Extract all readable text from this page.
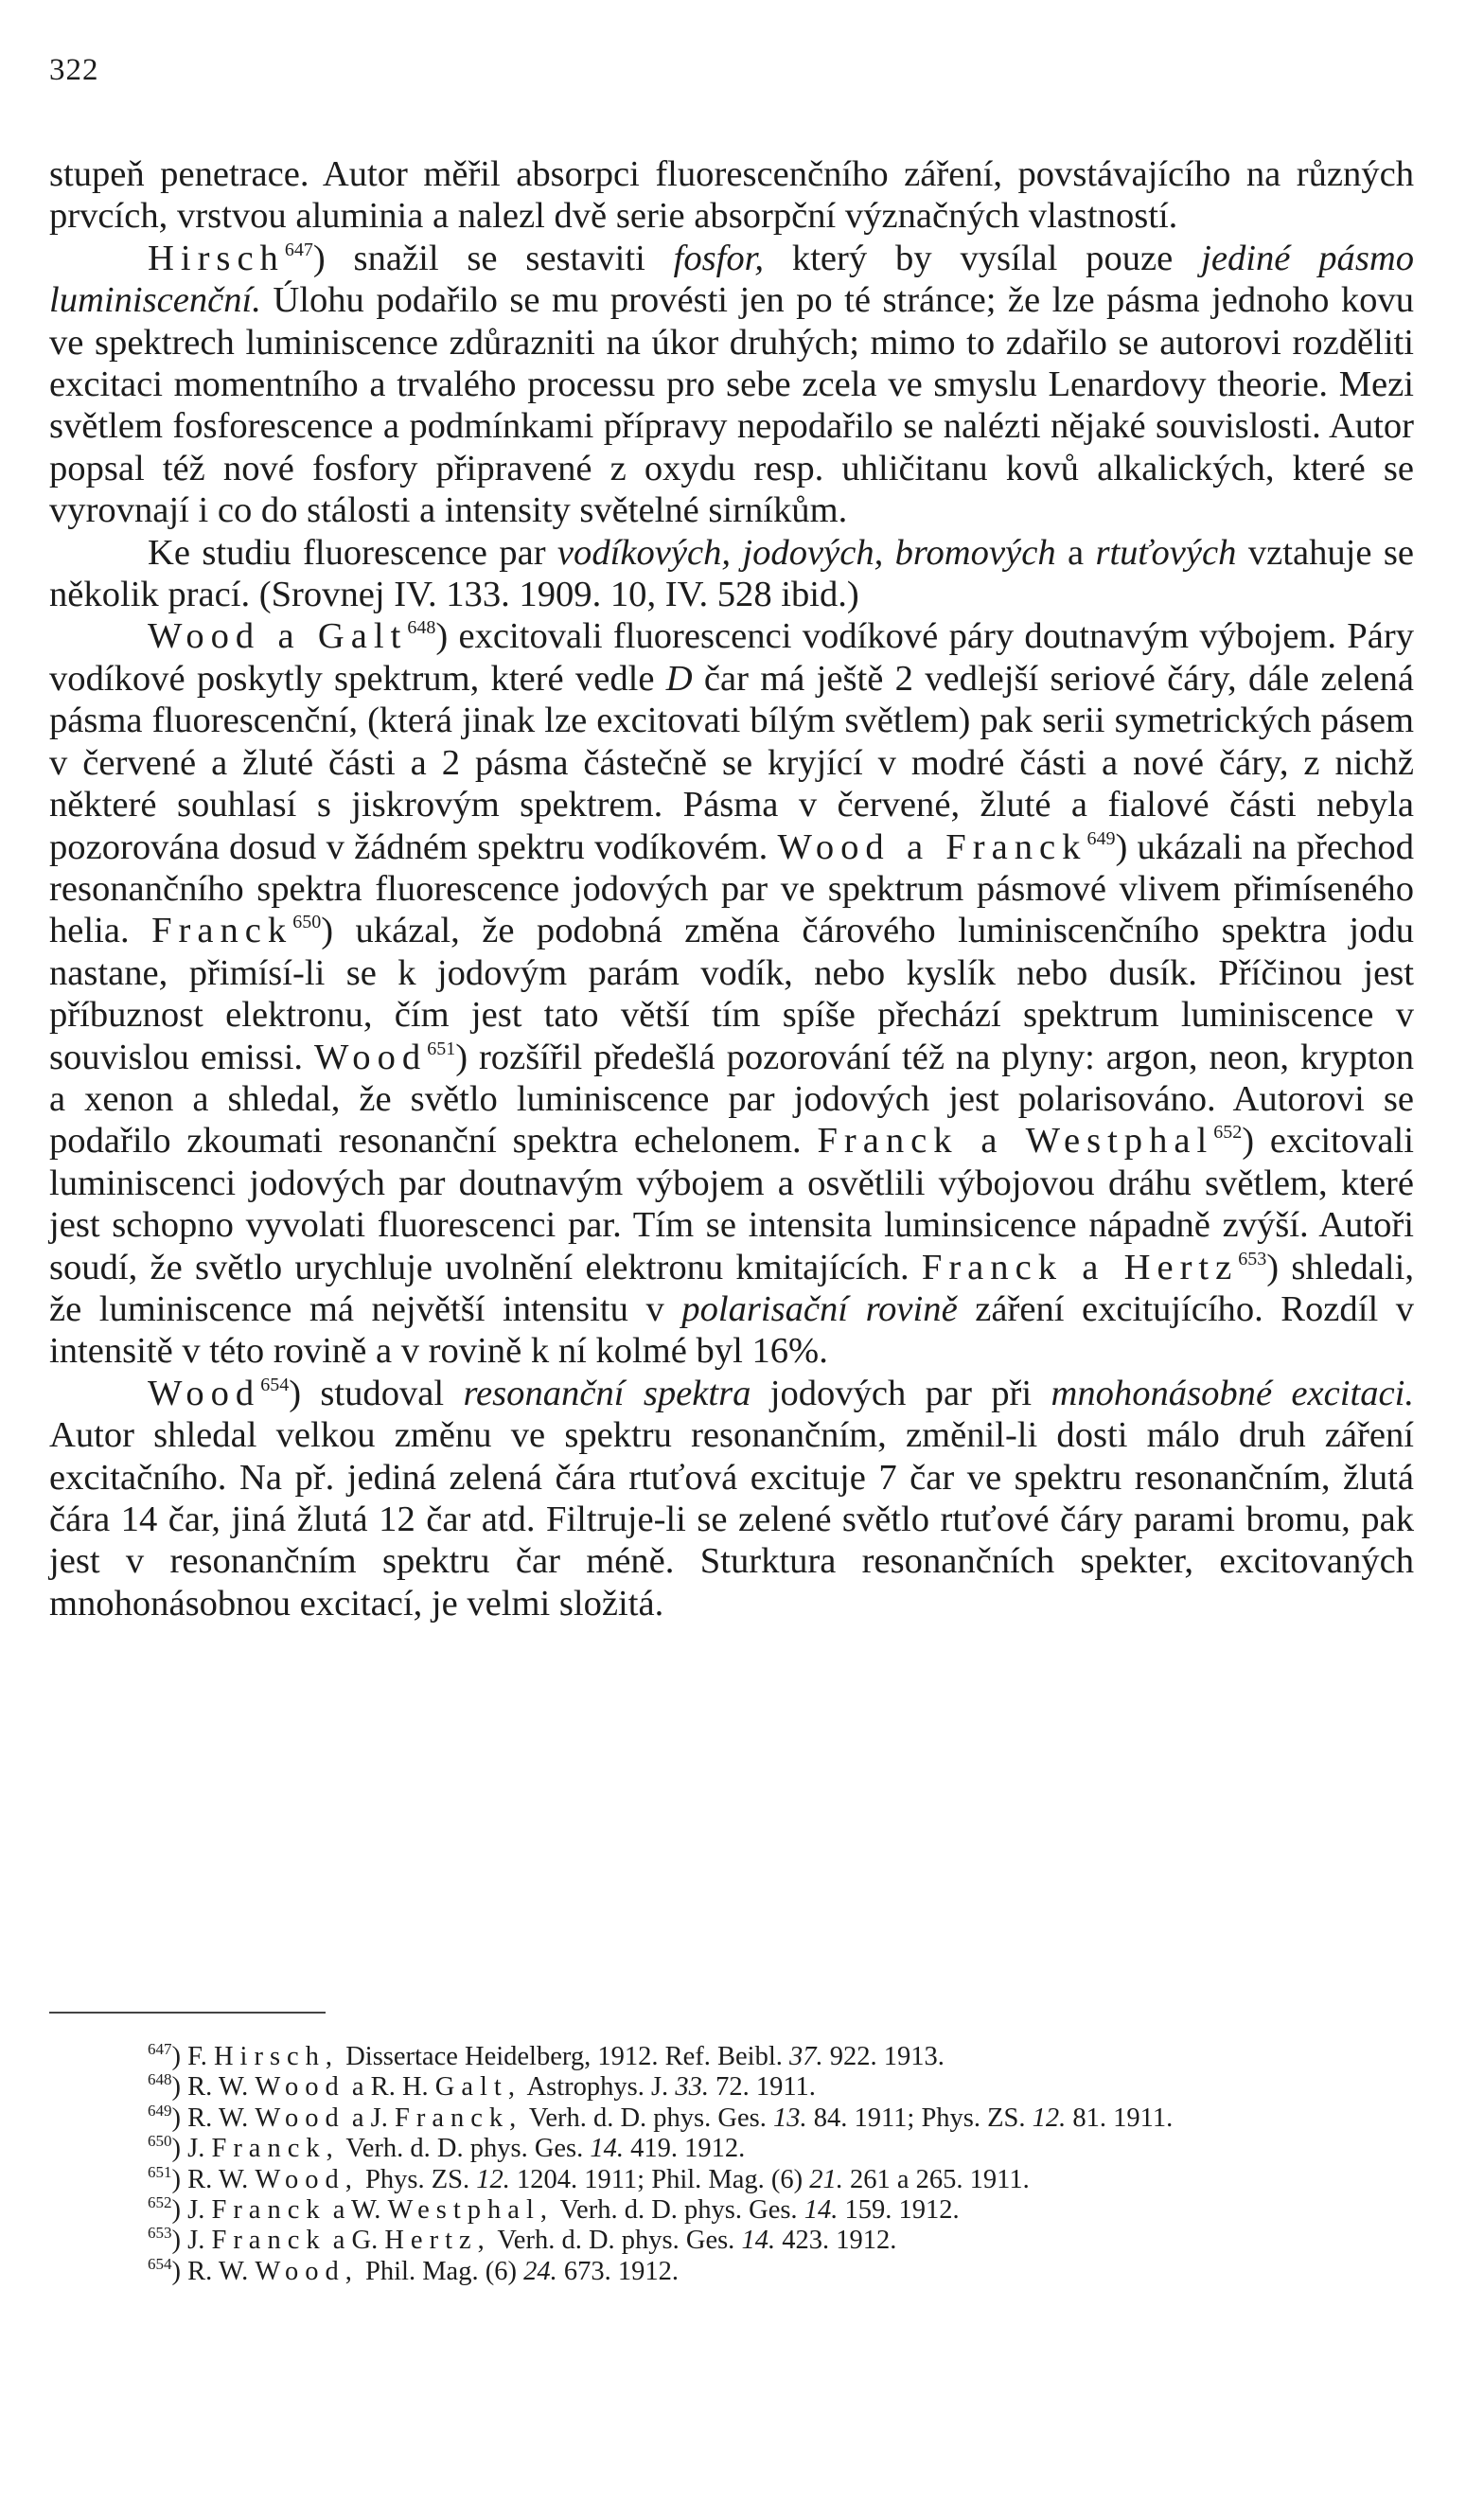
322

stupeň penetrace. Autor měřil absorpci fluorescenčního záření, povstávajícího na různých prvcích, vrstvou aluminia a nalezl dvě serie absorpční význačných vlastností.

Hirsch$^{647}$) snažil se sestaviti fosfor, který by vysílal pouze jediné pásmo luminiscenční. Úlohu podařilo se mu provésti jen po té stránce; že lze pásma jednoho kovu ve spektrech luminiscence zdůrazniti na úkor druhých; mimo to zdařilo se autorovi rozděliti excitaci momentního a trvalého processu pro sebe zcela ve smyslu Lenardovy theorie. Mezi světlem fosforescence a podmínkami přípravy nepodařilo se nalézti nějaké souvislosti. Autor popsal též nové fosfory připravené z oxydu resp. uhličitanu kovů alkalických, které se vyrovnají i co do stálosti a intensity světelné sirníkům.

Ke studiu fluorescence par vodíkových, jodových, bromových a rtuťových vztahuje se několik prací. (Srovnej IV. 133. 1909. 10, IV. 528 ibid.)

Wood a Galt$^{648}$) excitovali fluorescenci vodíkové páry doutnavým výbojem. Páry vodíkové poskytly spektrum, které vedle D čar má ještě 2 vedlejší seriové čáry, dále zelená pásma fluorescenční, (která jinak lze excitovati bílým světlem) pak serii symetrických pásem v červené a žluté části a 2 pásma částečně se kryjící v modré části a nové čáry, z nichž některé souhlasí s jiskrovým spektrem. Pásma v červené, žluté a fialové části nebyla pozorována dosud v žádném spektru vodíkovém. Wood a Franck$^{649}$) ukázali na přechod resonančního spektra fluorescence jodových par ve spektrum pásmové vlivem přimíseného helia. Franck$^{650}$) ukázal, že podobná změna čárového luminiscenčního spektra jodu nastane, přimísí-li se k jodovým parám vodík, nebo kyslík nebo dusík. Příčinou jest příbuznost elektronu, čím jest tato větší tím spíše přechází spektrum luminiscence v souvislou emissi. Wood$^{651}$) rozšířil předešlá pozorování též na plyny: argon, neon, krypton a xenon a shledal, že světlo luminiscence par jodových jest polarisováno. Autorovi se podařilo zkoumati resonanční spektra echelonem. Franck a Westphal$^{652}$) excitovali luminiscenci jodových par doutnavým výbojem a osvětlili výbojovou dráhu světlem, které jest schopno vyvolati fluorescenci par. Tím se intensita luminsicence nápadně zvýší. Autoři soudí, že světlo urychluje uvolnění elektronu kmitajících. Franck a Hertz$^{653}$) shledali, že luminiscence má největší intensitu v polarisační rovině záření excitujícího. Rozdíl v intensitě v této rovině a v rovině k ní kolmé byl 16%.

Wood$^{654}$) studoval resonanční spektra jodových par při mnohonásobné excitaci. Autor shledal velkou změnu ve spektru resonančním, změnil-li dosti málo druh záření excitačního. Na př. jediná zelená čára rtuťová excituje 7 čar ve spektru resonančním, žlutá čára 14 čar, jiná žlutá 12 čar atd. Filtruje-li se zelené světlo rtuťové čáry parami bromu, pak jest v resonančním spektru čar méně. Sturktura resonančních spekter, excitovaných mnohonásobnou excitací, je velmi složitá.

$^{647}$) F. Hirsch, Dissertace Heidelberg, 1912. Ref. Beibl. 37. 922. 1913.

$^{648}$) R. W. Wood a R. H. Galt, Astrophys. J. 33. 72. 1911.

$^{649}$) R. W. Wood a J. Franck, Verh. d. D. phys. Ges. 13. 84. 1911; Phys. ZS. 12. 81. 1911.

$^{650}$) J. Franck, Verh. d. D. phys. Ges. 14. 419. 1912.

$^{651}$) R. W. Wood, Phys. ZS. 12. 1204. 1911; Phil. Mag. (6) 21. 261 a 265. 1911.

$^{652}$) J. Franck a W. Westphal, Verh. d. D. phys. Ges. 14. 159. 1912.

$^{653}$) J. Franck a G. Hertz, Verh. d. D. phys. Ges. 14. 423. 1912.

$^{654}$) R. W. Wood, Phil. Mag. (6) 24. 673. 1912.
